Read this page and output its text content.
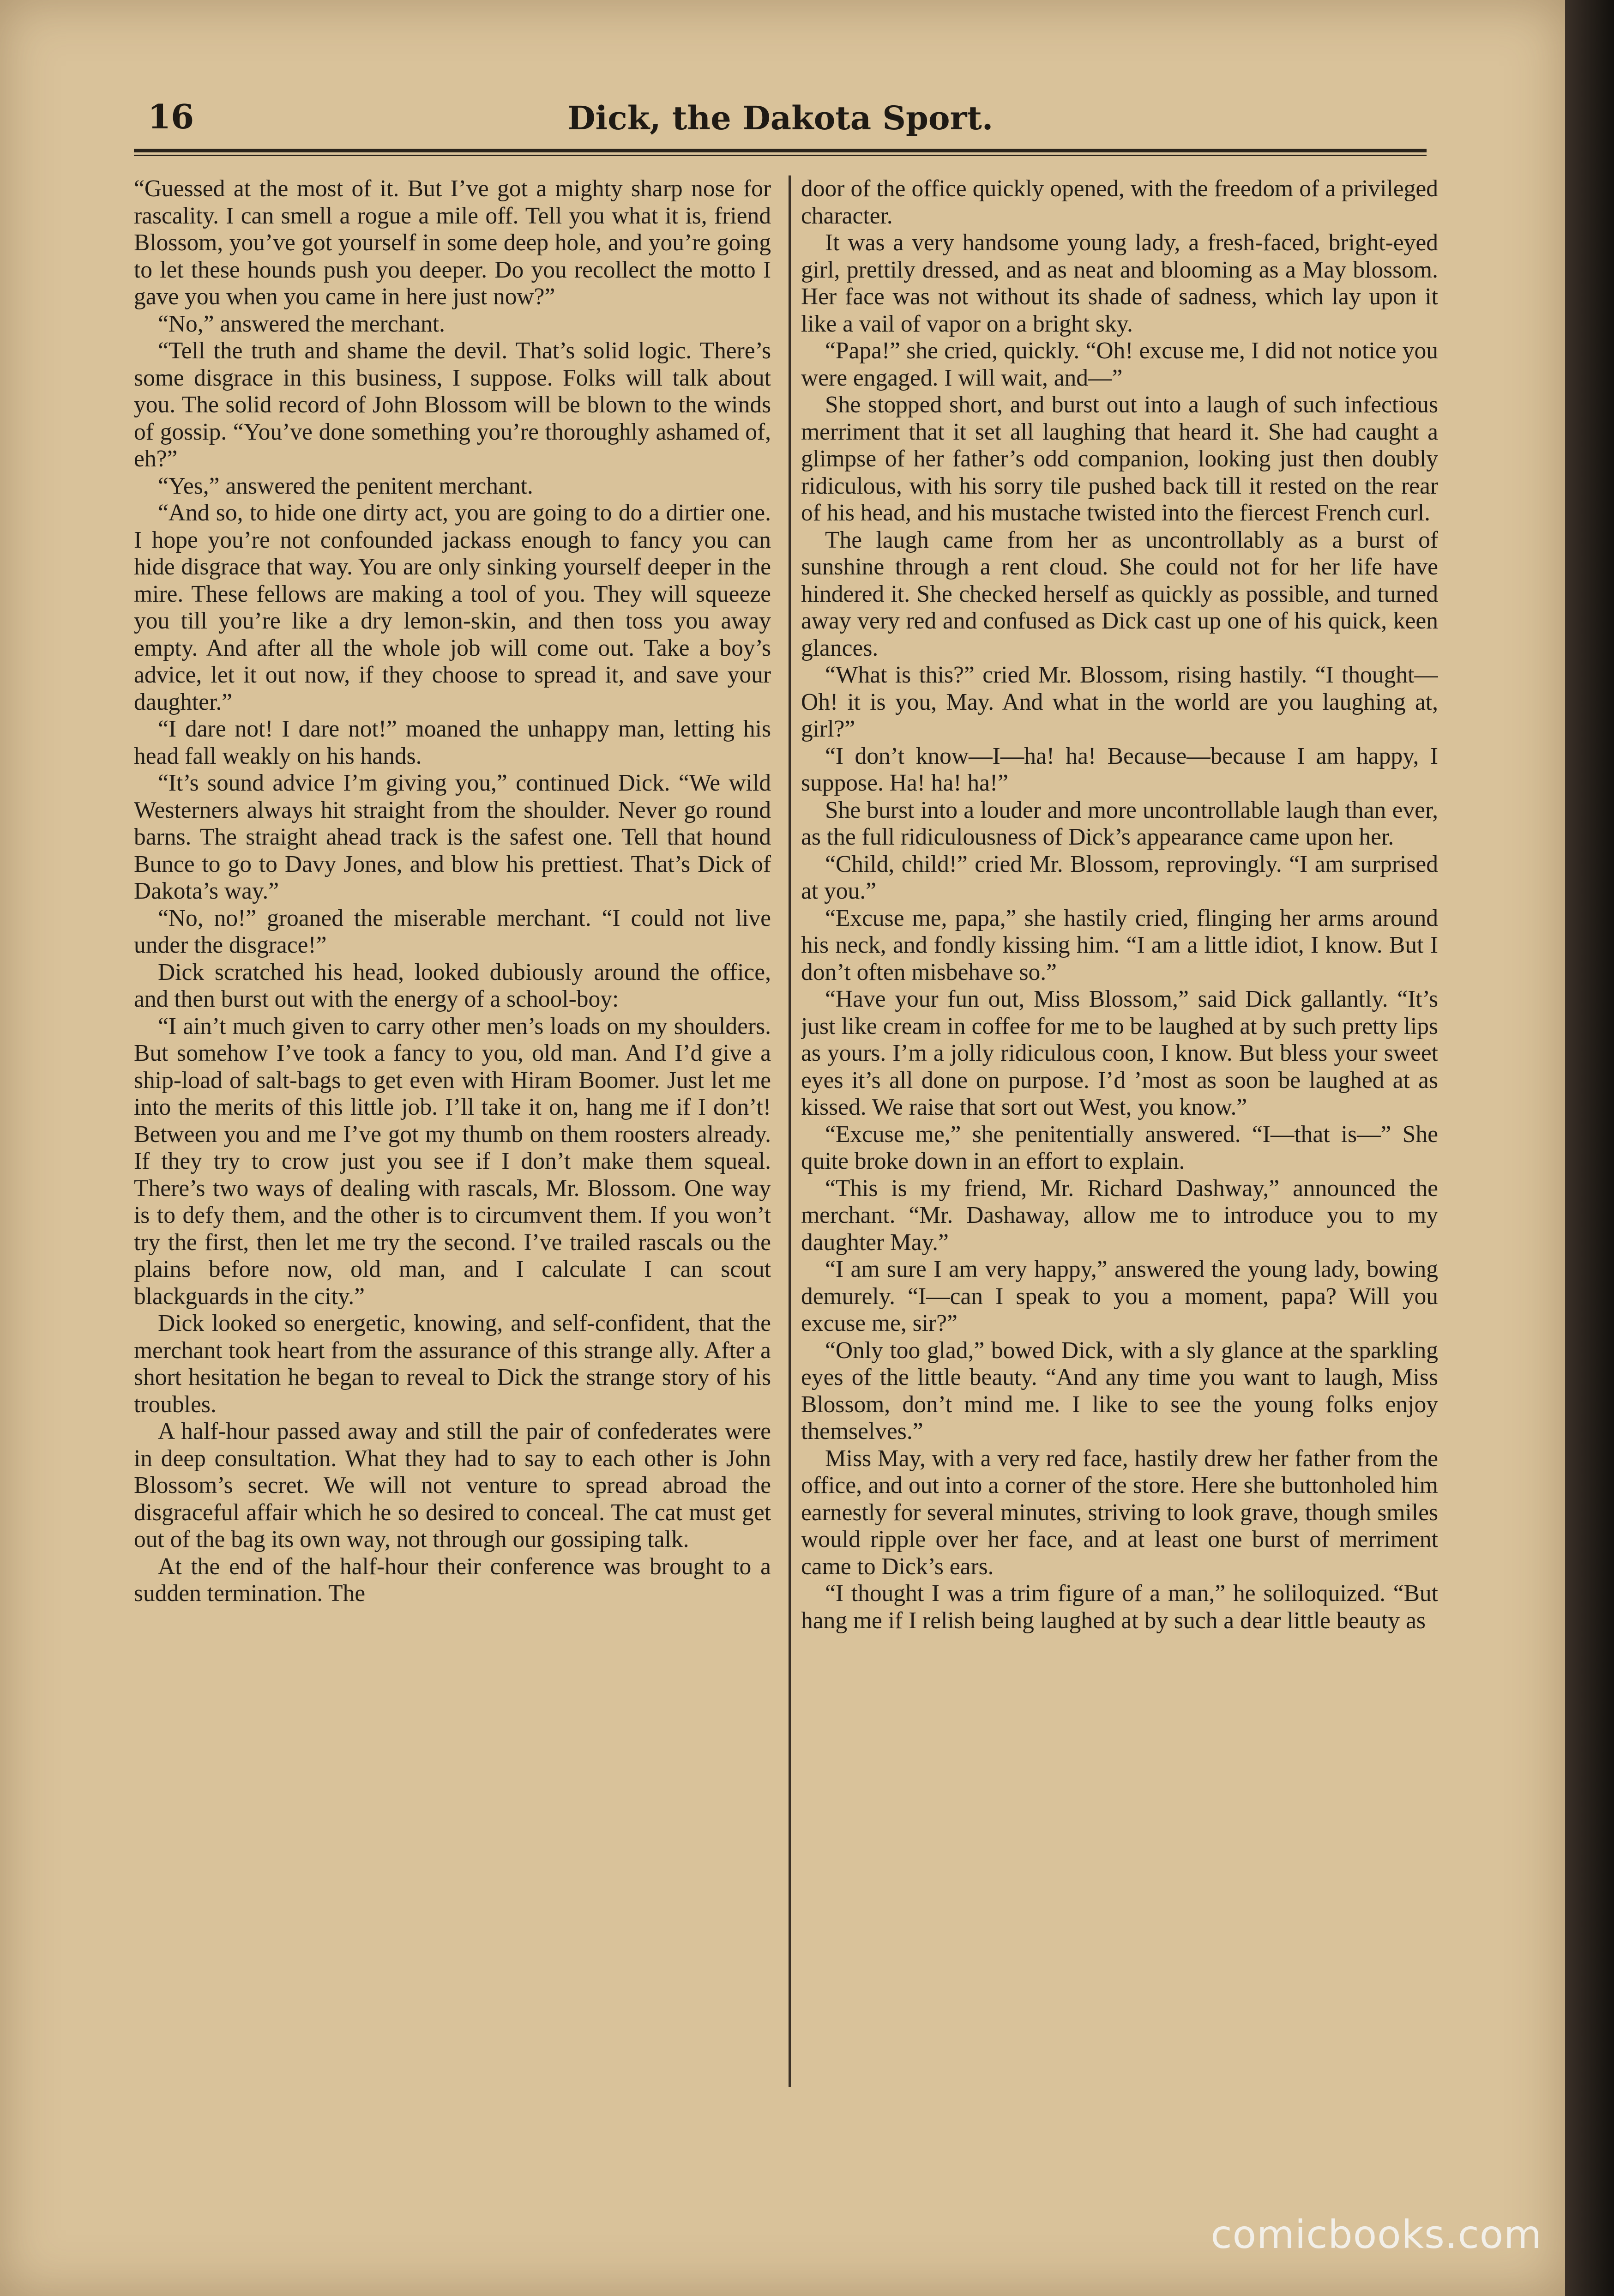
16	Dick, the Dakota Sport.

“Guessed at the most of it. But I’ve got a mighty sharp nose for rascality. I can smell a rogue a mile off. Tell you what it is, friend Blossom, you’ve got yourself in some deep hole, and you’re going to let these hounds push you deeper. Do you recollect the motto I gave you when you came in here just now?”

“No,” answered the merchant.

“Tell the truth and shame the devil. That’s solid logic. There’s some disgrace in this business, I suppose. Folks will talk about you. The solid record of John Blossom will be blown to the winds of gossip. “You’ve done something you’re thoroughly ashamed of, eh?”

“Yes,” answered the penitent merchant.

“And so, to hide one dirty act, you are going to do a dirtier one. I hope you’re not confounded jackass enough to fancy you can hide disgrace that way. You are only sinking yourself deeper in the mire. These fellows are making a tool of you. They will squeeze you till you’re like a dry lemon-skin, and then toss you away empty. And after all the whole job will come out. Take a boy’s advice, let it out now, if they choose to spread it, and save your daughter.”

“I dare not! I dare not!” moaned the unhappy man, letting his head fall weakly on his hands.

“It’s sound advice I’m giving you,” continued Dick. “We wild Westerners always hit straight from the shoulder. Never go round barns. The straight ahead track is the safest one. Tell that hound Bunce to go to Davy Jones, and blow his prettiest. That’s Dick of Dakota’s way.”

“No, no!” groaned the miserable merchant. “I could not live under the disgrace!”

Dick scratched his head, looked dubiously around the office, and then burst out with the energy of a school-boy:

“I ain’t much given to carry other men’s loads on my shoulders. But somehow I’ve took a fancy to you, old man. And I’d give a ship-load of salt-bags to get even with Hiram Boomer. Just let me into the merits of this little job. I’ll take it on, hang me if I don’t! Between you and me I’ve got my thumb on them roosters already. If they try to crow just you see if I don’t make them squeal. There’s two ways of dealing with rascals, Mr. Blossom. One way is to defy them, and the other is to circumvent them. If you won’t try the first, then let me try the second. I’ve trailed rascals ou the plains before now, old man, and I calculate I can scout blackguards in the city.”

Dick looked so energetic, knowing, and self-confident, that the merchant took heart from the assurance of this strange ally. After a short hesitation he began to reveal to Dick the strange story of his troubles.

A half-hour passed away and still the pair of confederates were in deep consultation. What they had to say to each other is John Blossom’s secret. We will not venture to spread abroad the disgraceful affair which he so desired to conceal. The cat must get out of the bag its own way, not through our gossiping talk.

At the end of the half-hour their conference was brought to a sudden termination. The

door of the office quickly opened, with the freedom of a privileged character.

It was a very handsome young lady, a fresh-faced, bright-eyed girl, prettily dressed, and as neat and blooming as a May blossom. Her face was not without its shade of sadness, which lay upon it like a vail of vapor on a bright sky.

“Papa!” she cried, quickly. “Oh! excuse me, I did not notice you were engaged. I will wait, and—”

She stopped short, and burst out into a laugh of such infectious merriment that it set all laughing that heard it. She had caught a glimpse of her father’s odd companion, looking just then doubly ridiculous, with his sorry tile pushed back till it rested on the rear of his head, and his mustache twisted into the fiercest French curl.

The laugh came from her as uncontrollably as a burst of sunshine through a rent cloud. She could not for her life have hindered it. She checked herself as quickly as possible, and turned away very red and confused as Dick cast up one of his quick, keen glances.

“What is this?” cried Mr. Blossom, rising hastily. “I thought— Oh! it is you, May. And what in the world are you laughing at, girl?”

“I don’t know—I—ha! ha! Because—because I am happy, I suppose. Ha! ha! ha!”

She burst into a louder and more uncontrollable laugh than ever, as the full ridiculousness of Dick’s appearance came upon her.

“Child, child!” cried Mr. Blossom, reprovingly. “I am surprised at you.”

“Excuse me, papa,” she hastily cried, flinging her arms around his neck, and fondly kissing him. “I am a little idiot, I know. But I don’t often misbehave so.”

“Have your fun out, Miss Blossom,” said Dick gallantly. “It’s just like cream in coffee for me to be laughed at by such pretty lips as yours. I’m a jolly ridiculous coon, I know. But bless your sweet eyes it’s all done on purpose. I’d ’most as soon be laughed at as kissed. We raise that sort out West, you know.”

“Excuse me,” she penitentially answered. “I—that is—” She quite broke down in an effort to explain.

“This is my friend, Mr. Richard Dashway,” announced the merchant. “Mr. Dashaway, allow me to introduce you to my daughter May.”

“I am sure I am very happy,” answered the young lady, bowing demurely. “I—can I speak to you a moment, papa? Will you excuse me, sir?”

“Only too glad,” bowed Dick, with a sly glance at the sparkling eyes of the little beauty. “And any time you want to laugh, Miss Blossom, don’t mind me. I like to see the young folks enjoy themselves.”

Miss May, with a very red face, hastily drew her father from the office, and out into a corner of the store. Here she buttonholed him earnestly for several minutes, striving to look grave, though smiles would ripple over her face, and at least one burst of merriment came to Dick’s ears.

“I thought I was a trim figure of a man,” he soliloquized. “But hang me if I relish being laughed at by such a dear little beauty as

comicbooks.com
